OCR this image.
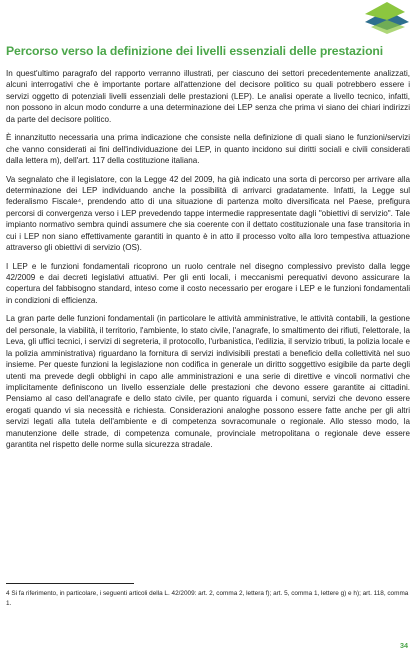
Percorso verso la definizione dei livelli essenziali delle prestazioni

In quest'ultimo paragrafo del rapporto verranno illustrati, per ciascuno dei settori precedentemente analizzati, alcuni interrogativi che è importante portare all'attenzione del decisore politico su quali potrebbero essere i servizi oggetto di potenziali livelli essenziali delle prestazioni (LEP). Le analisi operate a livello tecnico, infatti, non possono in alcun modo condurre a una determinazione dei LEP senza che prima vi siano dei chiari indirizzi da parte del decisore politico.

È innanzitutto necessaria una prima indicazione che consiste nella definizione di quali siano le funzioni/servizi che vanno considerati ai fini dell'individuazione dei LEP, in quanto incidono sui diritti sociali e civili considerati dalla lettera m), dell'art. 117 della costituzione italiana.

Va segnalato che il legislatore, con la Legge 42 del 2009, ha già indicato una sorta di percorso per arrivare alla determinazione dei LEP individuando anche la possibilità di arrivarci gradatamente. Infatti, la Legge sul federalismo Fiscale⁴, prendendo atto di una situazione di partenza molto diversificata nel Paese, prefigura percorsi di convergenza verso i LEP prevedendo tappe intermedie rappresentate dagli "obiettivi di servizio". Tale impianto normativo sembra quindi assumere che sia coerente con il dettato costituzionale una fase transitoria in cui i LEP non siano effettivamente garantiti in quanto è in atto il processo volto alla loro tempestiva attuazione attraverso gli obiettivi di servizio (OS).

I LEP e le funzioni fondamentali ricoprono un ruolo centrale nel disegno complessivo previsto dalla legge 42/2009 e dai decreti legislativi attuativi. Per gli enti locali, i meccanismi perequativi devono assicurare la copertura del fabbisogno standard, inteso come il costo necessario per erogare i LEP e le funzioni fondamentali in condizioni di efficienza.

La gran parte delle funzioni fondamentali (in particolare le attività amministrative, le attività contabili, la gestione del personale, la viabilità, il territorio, l'ambiente, lo stato civile, l'anagrafe, lo smaltimento dei rifiuti, l'elettorale, la Leva, gli uffici tecnici, i servizi di segreteria, il protocollo, l'urbanistica, l'edilizia, il servizio tributi, la polizia locale e la polizia amministrativa) riguardano la fornitura di servizi indivisibili prestati a beneficio della collettività nel suo insieme. Per queste funzioni la legislazione non codifica in generale un diritto soggettivo esigibile da parte degli utenti ma prevede degli obblighi in capo alle amministrazioni e una serie di direttive e vincoli normativi che implicitamente definiscono un livello essenziale delle prestazioni che devono essere garantite ai cittadini. Pensiamo al caso dell'anagrafe e dello stato civile, per quanto riguarda i comuni, servizi che devono essere erogati quando vi sia necessità e richiesta. Considerazioni analoghe possono essere fatte anche per gli altri servizi legati alla tutela dell'ambiente e di competenza sovracomunale o regionale. Allo stesso modo, la manutenzione delle strade, di competenza comunale, provinciale metropolitana o regionale deve essere garantita nel rispetto delle norme sulla sicurezza stradale.

4 Si fa riferimento, in particolare, i seguenti articoli della L. 42/2009: art. 2, comma 2, lettera f); art. 5, comma 1, lettere g) e h); art. 118, comma 1.

34
